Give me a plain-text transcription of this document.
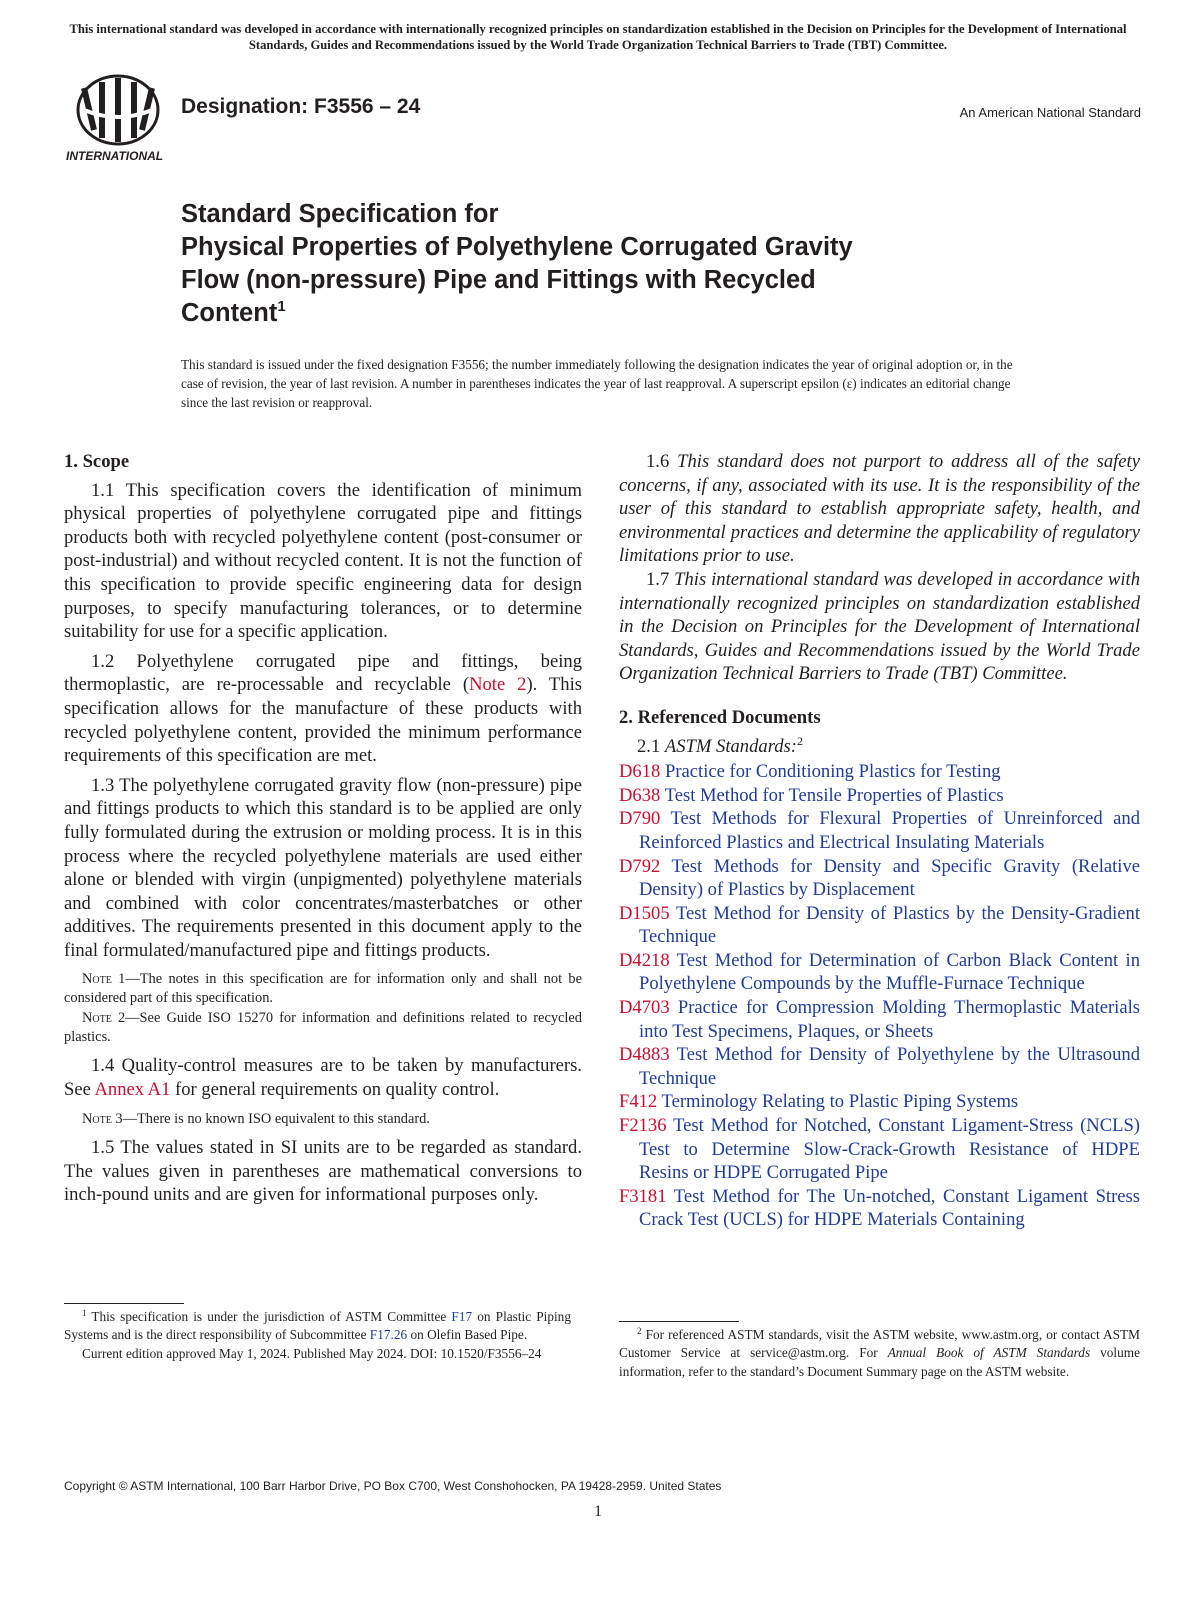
This international standard was developed in accordance with internationally recognized principles on standardization established in the Decision on Principles for the Development of International Standards, Guides and Recommendations issued by the World Trade Organization Technical Barriers to Trade (TBT) Committee.
INTERNATIONAL
Designation: F3556 – 24	An American National Standard
Standard Specification for
Physical Properties of Polyethylene Corrugated Gravity
Flow (non-pressure) Pipe and Fittings with Recycled
Content$^1$
This standard is issued under the fixed designation F3556; the number immediately following the designation indicates the year of original adoption or, in the case of revision, the year of last revision. A number in parentheses indicates the year of last reapproval. A superscript epsilon (ε) indicates an editorial change since the last revision or reapproval.
1. Scope

1.1 This specification covers the identification of minimum physical properties of polyethylene corrugated pipe and fittings products both with recycled polyethylene content (post-consumer or post-industrial) and without recycled content. It is not the function of this specification to provide specific engineering data for design purposes, to specify manufacturing tolerances, or to determine suitability for use for a specific application.

1.2 Polyethylene corrugated pipe and fittings, being thermoplastic, are re-processable and recyclable (Note 2). This specification allows for the manufacture of these products with recycled polyethylene content, provided the minimum performance requirements of this specification are met.

1.3 The polyethylene corrugated gravity flow (non-pressure) pipe and fittings products to which this standard is to be applied are only fully formulated during the extrusion or molding process. It is in this process where the recycled polyethylene materials are used either alone or blended with virgin (unpigmented) polyethylene materials and combined with color concentrates/masterbatches or other additives. The requirements presented in this document apply to the final formulated/manufactured pipe and fittings products.

Note 1—The notes in this specification are for information only and shall not be considered part of this specification.
Note 2—See Guide ISO 15270 for information and definitions related to recycled plastics.

1.4 Quality-control measures are to be taken by manufacturers. See Annex A1 for general requirements on quality control.

Note 3—There is no known ISO equivalent to this standard.

1.5 The values stated in SI units are to be regarded as standard. The values given in parentheses are mathematical conversions to inch-pound units and are given for informational purposes only.

1.6 This standard does not purport to address all of the safety concerns, if any, associated with its use. It is the responsibility of the user of this standard to establish appropriate safety, health, and environmental practices and determine the applicability of regulatory limitations prior to use.

1.7 This international standard was developed in accordance with internationally recognized principles on standardization established in the Decision on Principles for the Development of International Standards, Guides and Recommendations issued by the World Trade Organization Technical Barriers to Trade (TBT) Committee.

2. Referenced Documents
2.1 ASTM Standards:$^2$
D618 Practice for Conditioning Plastics for Testing
D638 Test Method for Tensile Properties of Plastics
D790 Test Methods for Flexural Properties of Unreinforced and Reinforced Plastics and Electrical Insulating Materials
D792 Test Methods for Density and Specific Gravity (Relative Density) of Plastics by Displacement
D1505 Test Method for Density of Plastics by the Density-Gradient Technique
D4218 Test Method for Determination of Carbon Black Content in Polyethylene Compounds by the Muffle-Furnace Technique
D4703 Practice for Compression Molding Thermoplastic Materials into Test Specimens, Plaques, or Sheets
D4883 Test Method for Density of Polyethylene by the Ultrasound Technique
F412 Terminology Relating to Plastic Piping Systems
F2136 Test Method for Notched, Constant Ligament-Stress (NCLS) Test to Determine Slow-Crack-Growth Resistance of HDPE Resins or HDPE Corrugated Pipe
F3181 Test Method for The Un-notched, Constant Ligament Stress Crack Test (UCLS) for HDPE Materials Containing

$^1$ This specification is under the jurisdiction of ASTM Committee F17 on Plastic Piping Systems and is the direct responsibility of Subcommittee F17.26 on Olefin Based Pipe.

Current edition approved May 1, 2024. Published May 2024. DOI: 10.1520/F3556–24

$^2$ For referenced ASTM standards, visit the ASTM website, www.astm.org, or contact ASTM Customer Service at service@astm.org. For Annual Book of ASTM Standards volume information, refer to the standard’s Document Summary page on the ASTM website.

Copyright © ASTM International, 100 Barr Harbor Drive, PO Box C700, West Conshohocken, PA 19428-2959. United States
1
